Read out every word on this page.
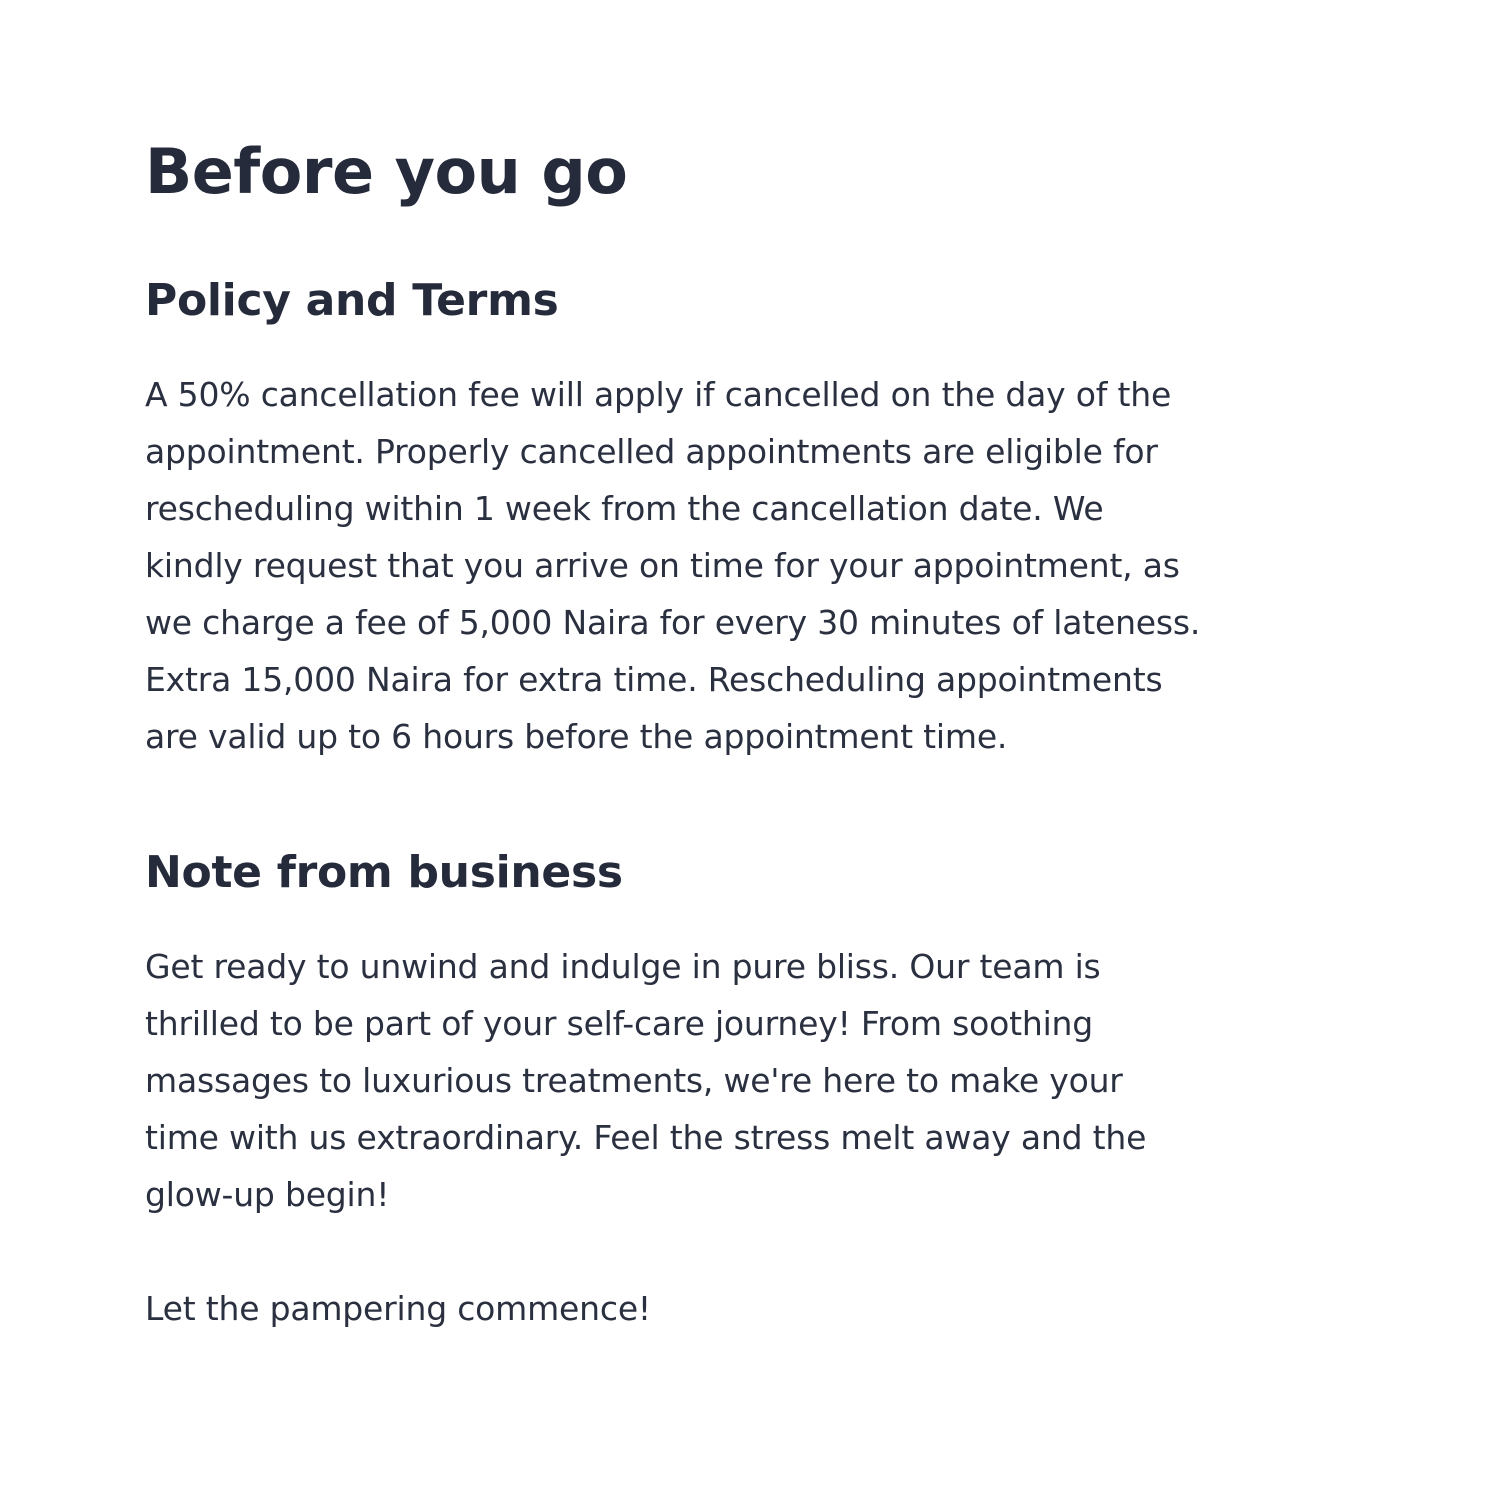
Before you go
Policy and Terms

A 50% cancellation fee will apply if cancelled on the day of the
appointment. Properly cancelled appointments are eligible for
rescheduling within 1 week from the cancellation date. We
kindly request that you arrive on time for your appointment, as
we charge a fee of 5,000 Naira for every 30 minutes of lateness.
Extra 15,000 Naira for extra time. Rescheduling appointments
are valid up to 6 hours before the appointment time.

Note from business

Get ready to unwind and indulge in pure bliss. Our team is
thrilled to be part of your self-care journey! From soothing
massages to luxurious treatments, we're here to make your
time with us extraordinary. Feel the stress melt away and the
glow-up begin!

Let the pampering commence!
